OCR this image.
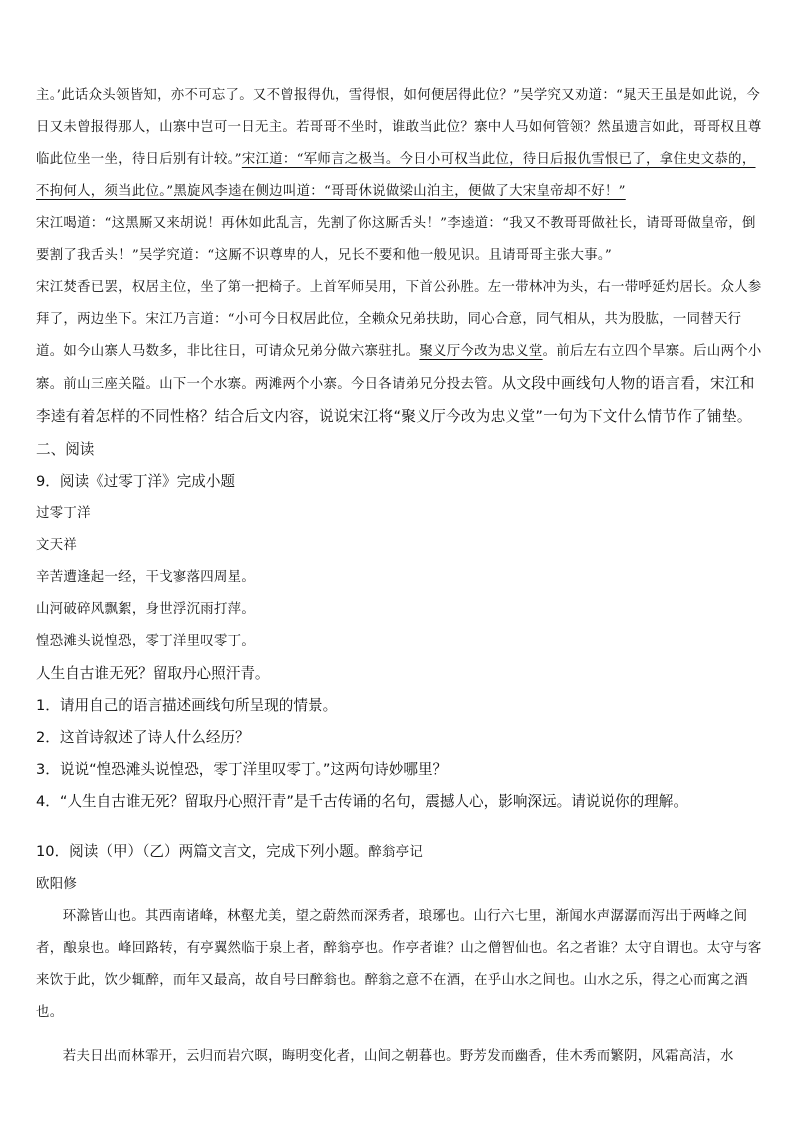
主。’此话众头领皆知，亦不可忘了。又不曾报得仇，雪得恨，如何便居得此位？”吴学究又劝道：“晁天王虽是如此说，今日又未曾报得那人，山寨中岂可一日无主。若哥哥不坐时，谁敢当此位？寨中人马如何管领？然虽遗言如此，哥哥权且尊临此位坐一坐，待日后别有计较。”宋江道：“军师言之极当。今日小可权当此位，待日后报仇雪恨已了，拿住史文恭的，不拘何人，须当此位。”黑旋风李逵在侧边叫道：“哥哥休说做梁山泊主，便做了大宋皇帝却不好！”

宋江喝道：“这黑厮又来胡说！再休如此乱言，先割了你这厮舌头！”李逵道：“我又不教哥哥做社长，请哥哥做皇帝，倒要割了我舌头！”吴学究道：“这厮不识尊卑的人，兄长不要和他一般见识。且请哥哥主张大事。”

宋江焚香已罢，权居主位，坐了第一把椅子。上首军师吴用，下首公孙胜。左一带林冲为头，右一带呼延灼居长。众人参拜了，两边坐下。宋江乃言道：“小可今日权居此位，全赖众兄弟扶助，同心合意，同气相从，共为股肱，一同替天行道。如今山寨人马数多，非比往日，可请众兄弟分做六寨驻扎。聚义厅今改为忠义堂。前后左右立四个旱寨。后山两个小寨。前山三座关隘。山下一个水寨。两滩两个小寨。今日各请弟兄分投去管。从文段中画线句人物的语言看，宋江和李逵有着怎样的不同性格？结合后文内容，说说宋江将“聚义厅今改为忠义堂”一句为下文什么情节作了铺垫。

二、阅读

9．阅读《过零丁洋》完成小题

过零丁洋

文天祥

辛苦遭逢起一经，干戈寥落四周星。

山河破碎风飘絮，身世浮沉雨打萍。

惶恐滩头说惶恐，零丁洋里叹零丁。

人生自古谁无死？留取丹心照汗青。

1．请用自己的语言描述画线句所呈现的情景。

2．这首诗叙述了诗人什么经历？

3．说说“惶恐滩头说惶恐，零丁洋里叹零丁。”这两句诗妙哪里？

4．“人生自古谁无死？留取丹心照汗青”是千古传诵的名句，震撼人心，影响深远。请说说你的理解。

10．阅读（甲）（乙）两篇文言文，完成下列小题。醉翁亭记

欧阳修

环滁皆山也。其西南诸峰，林壑尤美，望之蔚然而深秀者，琅琊也。山行六七里，渐闻水声潺潺而泻出于两峰之间者，酿泉也。峰回路转，有亭翼然临于泉上者，醉翁亭也。作亭者谁？山之僧智仙也。名之者谁？太守自谓也。太守与客来饮于此，饮少辄醉，而年又最高，故自号曰醉翁也。醉翁之意不在酒，在乎山水之间也。山水之乐，得之心而寓之酒也。

若夫日出而林霏开，云归而岩穴暝，晦明变化者，山间之朝暮也。野芳发而幽香，佳木秀而繁阴，风霜高洁，水
